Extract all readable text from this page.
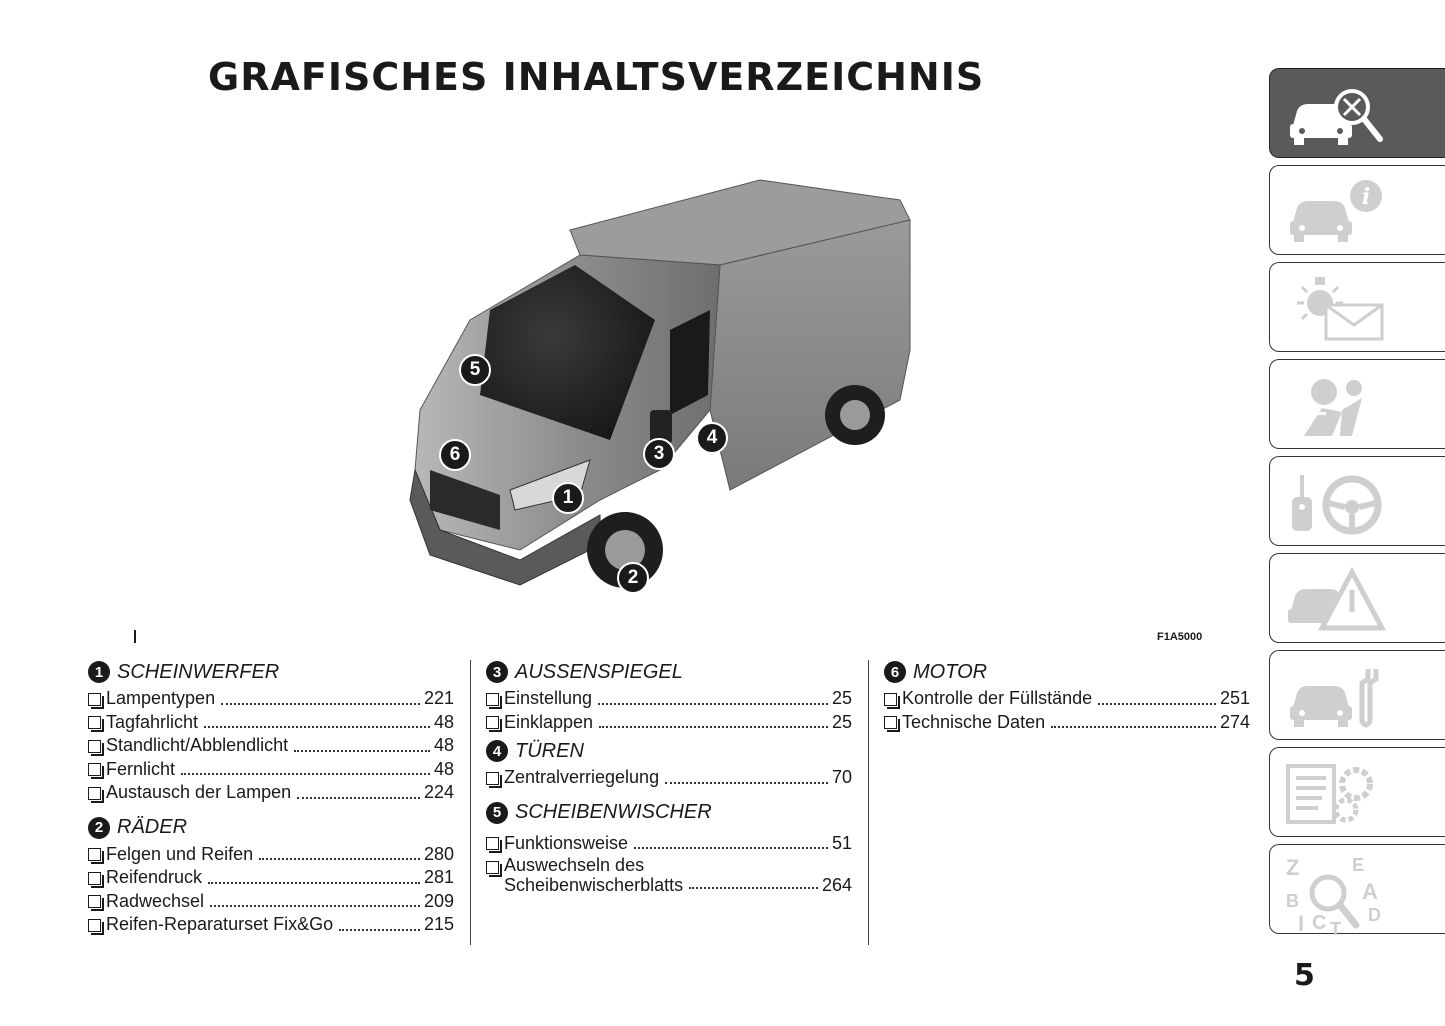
GRAFISCHES INHALTSVERZEICHNIS
5
6	3
4
1
2
F1A5000
1 SCHEINWERFER
Lampentypen	221
Tagfahrlicht	48
Standlicht/Abblendlicht	48
Fernlicht	48
Austausch der Lampen	224
2 RÄDER
Felgen und Reifen	280
Reifendruck	281
Radwechsel	209
Reifen-Reparaturset Fix&Go	215
3 AUSSENSPIEGEL
Einstellung	25
Einklappen	25
4 TÜREN
Zentralverriegelung	70
5 SCHEIBENWISCHER
Funktionsweise	51
Auswechseln des
Scheibenwischerblatts	264
6 MOTOR
Kontrolle der Füllstände	251
Technische Daten	274
i
Z	E
A
B
D
I C T
5
